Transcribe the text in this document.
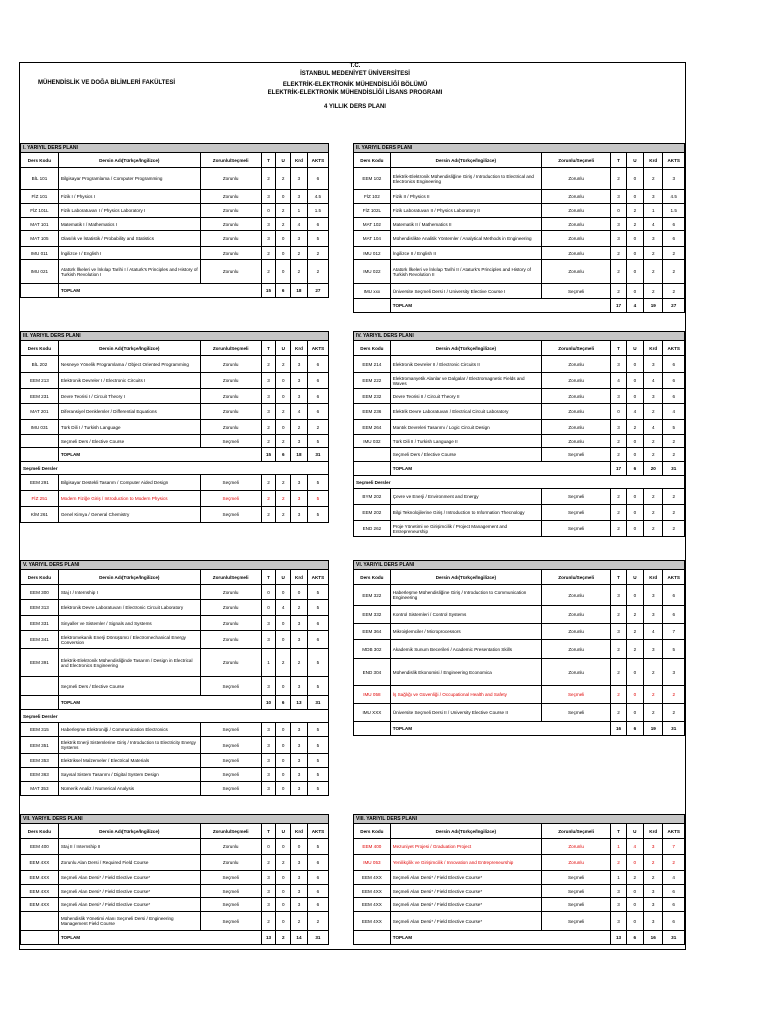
T.C.
İSTANBUL MEDENİYET ÜNİVERSİTESİ
ELEKTRİK-ELEKTRONİK MÜHENDİSLİĞİ BÖLÜMÜ
ELEKTRİK-ELEKTRONİK MÜHENDİSLİĞİ LİSANS PROGRAMI
4 YILLIK DERS PLANI
MÜHENDİSLİK VE DOĞA BİLİMLERİ FAKÜLTESİ
I. YARIYIL DERS PLANI						
Ders Kodu	Dersin Adı(Türkçe/İngilizce)	Zorunlu/Seçmeli	T	U	Krd	AKTS
BİL 101	Bilgisayar Programlama / Computer Programming	Zorunlu	2	2	3	6
FİZ 101	Fizik I / Physics I	Zorunlu	3	0	3	4.5
FİZ 101L	Fizik Laboratuvarı I / Physics Laboratory I	Zorunlu	0	2	1	1.5
MAT 101	Matematik I / Mathematics I	Zorunlu	3	2	4	6
MAT 105	Olasılık ve İstatistik / Probability and Statistics	Zorunlu	3	0	3	5
IMU 011	İngilizce I / English I	Zorunlu	2	0	2	2
IMU 021	Atatürk İlkeleri ve İnkılap Tarihi I / Ataturk's Principles and History of Turkish Revolution I	Zorunlu	2	0	2	2
	TOPLAM		15	6	18	27
II. YARIYIL DERS PLANI						
Ders Kodu	Dersin Adı(Türkçe/İngilizce)	Zorunlu/Seçmeli	T	U	Krd	AKTS
EEM 102	Elektrik-Elektronik Mühendisliğine Giriş / Introduction to Electrical and Electronics Engineering	Zorunlu	2	0	2	3
FİZ 102	Fizik II / Physics II	Zorunlu	3	0	3	4.5
FİZ 102L	Fizik Laboratuvarı II / Physics Laboratory II	Zorunlu	0	2	1	1.5
MAT 102	Matematik II / Mathematics II	Zorunlu	3	2	4	6
MAT 104	Mühendislikte Analitik Yöntemler / Analytical Methods in Engineering	Zorunlu	3	0	3	6
IMU 012	İngilizce II / English II	Zorunlu	2	0	2	2
IMU 022	Atatürk İlkeleri ve İnkılap Tarihi II / Ataturk's Principles and History of Turkish Revolution II	Zorunlu	2	0	2	2
IMU xxx	Üniversite Seçmeli Dersi I / University Elective Course I	Seçmeli	2	0	2	2
	TOPLAM		17	4	19	27
III. YARIYIL DERS PLANI						
Ders Kodu	Dersin Adı(Türkçe/İngilizce)	Zorunlu/Seçmeli	T	U	Krd	AKTS
BİL 202	Nesneye Yönelik Programlama / Object Oriented Programming	Zorunlu	2	2	3	6
EEM 213	Elektronik Devreler I / Electronic Circuits I	Zorunlu	3	0	3	6
EEM 231	Devre Teorisi I / Circuit Theory I	Zorunlu	3	0	3	6
MAT 201	Diferansiyel Denklemler / Differential Equations	Zorunlu	3	2	4	6
IMU 031	Türk Dili I / Turkish Language	Zorunlu	2	0	2	2
	Seçmeli Ders / Elective Course	Seçmeli	2	2	3	5
	TOPLAM		15	6	18	31
Seçmeli Dersler						
EEM 291	Bilgisayar Destekli Tasarım / Computer Aided Design	Seçmeli	2	2	3	5
FİZ 251	Modern Fiziğe Giriş / Introduction to Modern Physics	Seçmeli	2	2	3	5
KİM 261	Genel Kimya / General Chemistry	Seçmeli	2	2	3	5
IV. YARIYIL DERS PLANI						
Ders Kodu	Dersin Adı(Türkçe/İngilizce)	Zorunlu/Seçmeli	T	U	Krd	AKTS
EEM 214	Elektronik Devreler II / Electronic Circuits II	Zorunlu	3	0	3	6
EEM 222	Elektromanyetik Alanlar ve Dalgalar / Electromagnetic Fields and Waves	Zorunlu	4	0	4	6
EEM 232	Devre Teorisi II / Circuit Theory II	Zorunlu	3	0	3	6
EEM 236	Elektrik Devre Laboratuvarı / Electrical Circuit Laboratory	Zorunlu	0	4	2	4
EEM 264	Mantık Devreleri Tasarımı / Logic Circuit Design	Zorunlu	3	2	4	5
IMU 032	Türk Dili II / Turkish Language II	Zorunlu	2	0	2	2
	Seçmeli Ders / Elective Course	Seçmeli	2	0	2	2
	TOPLAM		17	6	20	31
Seçmeli Dersler						
BYM 202	Çevre ve Enerji / Environment and Energy	Seçmeli	2	0	2	2
EEM 202	Bilgi Teknolojilerine Giriş / Introduction to Information Thecnology	Seçmeli	2	0	2	2
END 262	Proje Yönetimi ve Girişimcilik / Project Management and Entrepreneurship	Seçmeli	2	0	2	2
V. YARIYIL DERS PLANI						
Ders Kodu	Dersin Adı(Türkçe/İngilizce)	Zorunlu/Seçmeli	T	U	Krd	AKTS
EEM 300	Staj I / Internship I	Zorunlu	0	0	0	5
EEM 313	Elektronik Devre Laboratuvarı / Electronic Circuit Laboratory	Zorunlu	0	4	2	5
EEM 331	Sinyaller ve Sistemler / Signals and Systems	Zorunlu	3	0	3	6
EEM 341	Elektromekanik Enerji Dönüşümü / Electromechanical Energy Conversion	Zorunlu	3	0	3	6
EEM 391	Elektrik-Elektronik Mühendisliğinde Tasarım / Design in Electrical and Electronics Engineering	Zorunlu	1	2	2	5
	Seçmeli Ders / Elective Course	Seçmeli	3	0	3	5
	TOPLAM		10	6	13	31
Seçmeli Dersler						
EEM 315	Haberleşme Elektroniği / Communication Electronics	Seçmeli	3	0	3	5
EEM 351	Elektrik Enerji Sistemlerine Giriş / Introduction to Electricity Energy Systems	Seçmeli	3	0	3	5
EEM 353	Elektriksel Malzemeler / Electrical Materials	Seçmeli	3	0	3	5
EEM 363	Sayısal Sistem Tasarımı / Digital System Design	Seçmeli	3	0	3	5
MAT 353	Nümerik Analiz / Numerical Analysis	Seçmeli	3	0	3	5
VI. YARIYIL DERS PLANI						
Ders Kodu	Dersin Adı(Türkçe/İngilizce)	Zorunlu/Seçmeli	T	U	Krd	AKTS
EEM 322	Haberleşme Mühendisliğine Giriş / Introduction to Communication Engineering	Zorunlu	3	0	3	6
EEM 332	Kontrol Sistemleri / Control Systems	Zorunlu	2	2	3	6
EEM 364	Mikroişlemciler / Microprocessors	Zorunlu	3	2	4	7
MDB 302	Akademik Sunum Becerileri / Academic Presentation Skills	Zorunlu	2	2	3	5
END 304	Mühendislik Ekonomisi / Engineering Economica	Zorunlu	2	0	2	3
IMU 058	İş Sağlığı ve Güvenliği / Occupational Health and Safety	Seçmeli	2	0	2	2
IMU XXX	Üniversite Seçmeli Dersi II / University Elective Course II	Seçmeli	2	0	2	2
	TOPLAM		16	6	19	31
VII. YARIYIL DERS PLANI						
Ders Kodu	Dersin Adı(Türkçe/İngilizce)	Zorunlu/Seçmeli	T	U	Krd	AKTS
EEM 400	Staj II / Internship II	Zorunlu	0	0	0	5
EEM 4XX	Zorunlu Alan Dersi / Required Field Course	Zorunlu	2	2	3	6
EEM 4XX	Seçmeli Alan Dersi* / Field Elective Course*	Seçmeli	3	0	3	6
EEM 4XX	Seçmeli Alan Dersi* / Field Elective Course*	Seçmeli	3	0	3	6
EEM 4XX	Seçmeli Alan Dersi* / Field Elective Course*	Seçmeli	3	0	3	6
	Mühendislik Yönetimi Alanı Seçmeli Dersi / Engineering Management Field Course	Seçmeli	2	0	2	2
	TOPLAM		13	2	14	31
VIII. YARIYIL DERS PLANI						
Ders Kodu	Dersin Adı(Türkçe/İngilizce)	Zorunlu/Seçmeli	T	U	Krd	AKTS
EEM 400	Mezuniyet Projesi / Graduation Project	Zorunlu	1	4	3	7
IMU 053	Yenilikçilik ve Girişimcilik / Innovation and Entrepreneurship	Zorunlu	2	0	2	2
EEM 4XX	Seçmeli Alan Dersi* / Field Elective Course*	Seçmeli	1	2	2	4
EEM 4XX	Seçmeli Alan Dersi* / Field Elective Course*	Seçmeli	3	0	3	6
EEM 4XX	Seçmeli Alan Dersi* / Field Elective Course*	Seçmeli	3	0	3	6
EEM 4XX	Seçmeli Alan Dersi* / Field Elective Course*	Seçmeli	3	0	3	6
	TOPLAM		13	6	16	31
